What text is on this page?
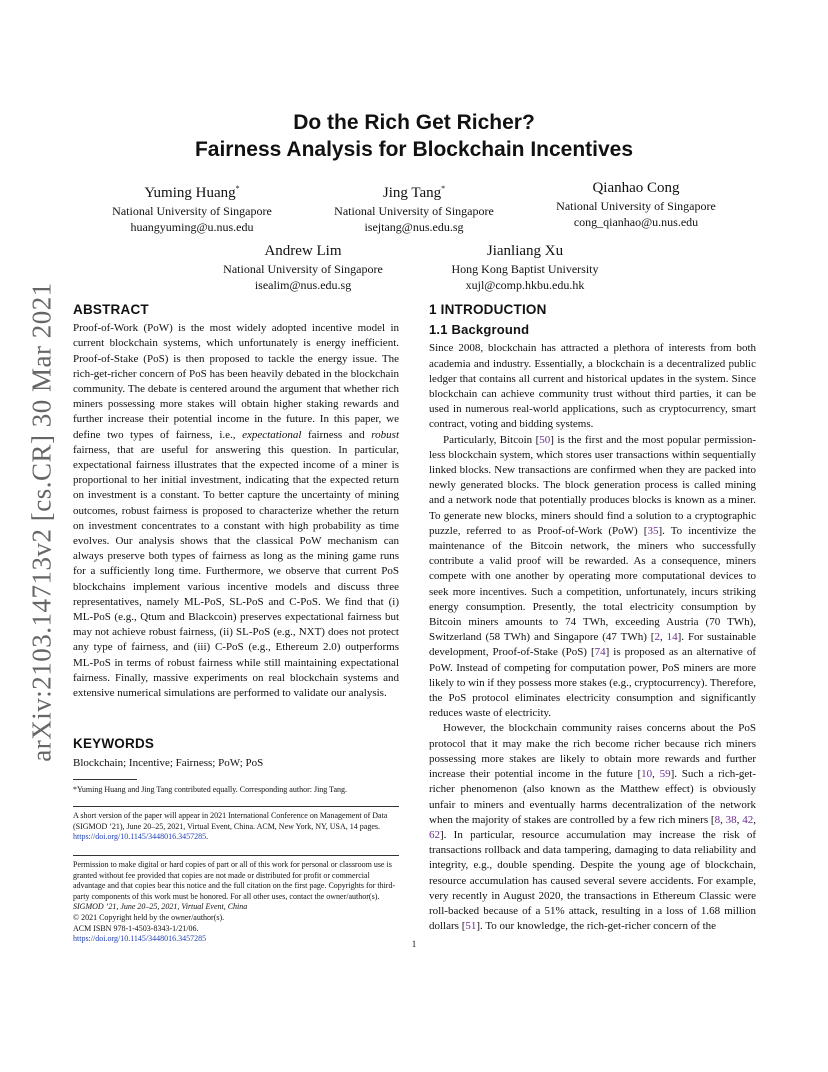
arXiv:2103.14713v2 [cs.CR] 30 Mar 2021
Do the Rich Get Richer?
Fairness Analysis for Blockchain Incentives
Yuming Huang*
National University of Singapore
huangyuming@u.nus.edu
Jing Tang*
National University of Singapore
isejtang@nus.edu.sg
Qianhao Cong
National University of Singapore
cong_qianhao@u.nus.edu
Andrew Lim
National University of Singapore
isealim@nus.edu.sg
Jianliang Xu
Hong Kong Baptist University
xujl@comp.hkbu.edu.hk
ABSTRACT

Proof-of-Work (PoW) is the most widely adopted incentive model in current blockchain systems, which unfortunately is energy inefficient. Proof-of-Stake (PoS) is then proposed to tackle the energy issue. The rich-get-richer concern of PoS has been heavily debated in the blockchain community. The debate is centered around the argument that whether rich miners possessing more stakes will obtain higher staking rewards and further increase their potential income in the future. In this paper, we define two types of fairness, i.e., expectational fairness and robust fairness, that are useful for answering this question. In particular, expectational fairness illustrates that the expected income of a miner is proportional to her initial investment, indicating that the expected return on investment is a constant. To better capture the uncertainty of mining outcomes, robust fairness is proposed to characterize whether the return on investment concentrates to a constant with high probability as time evolves. Our analysis shows that the classical PoW mechanism can always preserve both types of fairness as long as the mining game runs for a sufficiently long time. Furthermore, we observe that current PoS blockchains implement various incentive models and discuss three representatives, namely ML-PoS, SL-PoS and C-PoS. We find that (i) ML-PoS (e.g., Qtum and Blackcoin) preserves expectational fairness but may not achieve robust fairness, (ii) SL-PoS (e.g., NXT) does not protect any type of fairness, and (iii) C-PoS (e.g., Ethereum 2.0) outperforms ML-PoS in terms of robust fairness while still maintaining expectational fairness. Finally, massive experiments on real blockchain systems and extensive numerical simulations are performed to validate our analysis.

KEYWORDS
Blockchain; Incentive; Fairness; PoW; PoS
*Yuming Huang and Jing Tang contributed equally. Corresponding author: Jing Tang.
A short version of the paper will appear in 2021 International Conference on Management of Data (SIGMOD ’21), June 20–25, 2021, Virtual Event, China. ACM, New York, NY, USA, 14 pages. https://doi.org/10.1145/3448016.3457285.
Permission to make digital or hard copies of part or all of this work for personal or classroom use is granted without fee provided that copies are not made or distributed for profit or commercial advantage and that copies bear this notice and the full citation on the first page. Copyrights for third-party components of this work must be honored. For all other uses, contact the owner/author(s).
SIGMOD ’21, June 20–25, 2021, Virtual Event, China
© 2021 Copyright held by the owner/author(s).
ACM ISBN 978-1-4503-8343-1/21/06.
https://doi.org/10.1145/3448016.3457285
1 INTRODUCTION
1.1 Background

Since 2008, blockchain has attracted a plethora of interests from both academia and industry. Essentially, a blockchain is a decentralized public ledger that contains all current and historical updates in the system. Since blockchain can achieve community trust without third parties, it can be used in numerous real-world applications, such as cryptocurrency, smart contract, voting and bidding systems.

Particularly, Bitcoin [50] is the first and the most popular permission-less blockchain system, which stores user transactions within sequentially linked blocks. New transactions are confirmed when they are packed into newly generated blocks. The block generation process is called mining and a network node that potentially produces blocks is known as a miner. To generate new blocks, miners should find a solution to a cryptographic puzzle, referred to as Proof-of-Work (PoW) [35]. To incentivize the maintenance of the Bitcoin network, the miners who successfully contribute a valid proof will be rewarded. As a consequence, miners compete with one another by operating more computational devices to seek more incentives. Such a competition, unfortunately, incurs striking energy consumption. Presently, the total electricity consumption by Bitcoin miners amounts to 74 TWh, exceeding Austria (70 TWh), Switzerland (58 TWh) and Singapore (47 TWh) [2, 14]. For sustainable development, Proof-of-Stake (PoS) [74] is proposed as an alternative of PoW. Instead of competing for computation power, PoS miners are more likely to win if they possess more stakes (e.g., cryptocurrency). Therefore, the PoS protocol eliminates electricity consumption and significantly reduces waste of electricity.

However, the blockchain community raises concerns about the PoS protocol that it may make the rich become richer because rich miners possessing more stakes are likely to obtain more rewards and further increase their potential income in the future [10, 59]. Such a rich-get-richer phenomenon (also known as the Matthew effect) is obviously unfair to miners and eventually harms decentralization of the network when the majority of stakes are controlled by a few rich miners [8, 38, 42, 62]. In particular, resource accumulation may increase the risk of transactions rollback and data tampering, damaging to data reliability and integrity, e.g., double spending. Despite the young age of blockchain, resource accumulation has caused several severe accidents. For example, very recently in August 2020, the transactions in Ethereum Classic were roll-backed because of a 51% attack, resulting in a loss of 1.68 million dollars [51]. To our knowledge, the rich-get-richer concern of the

1
